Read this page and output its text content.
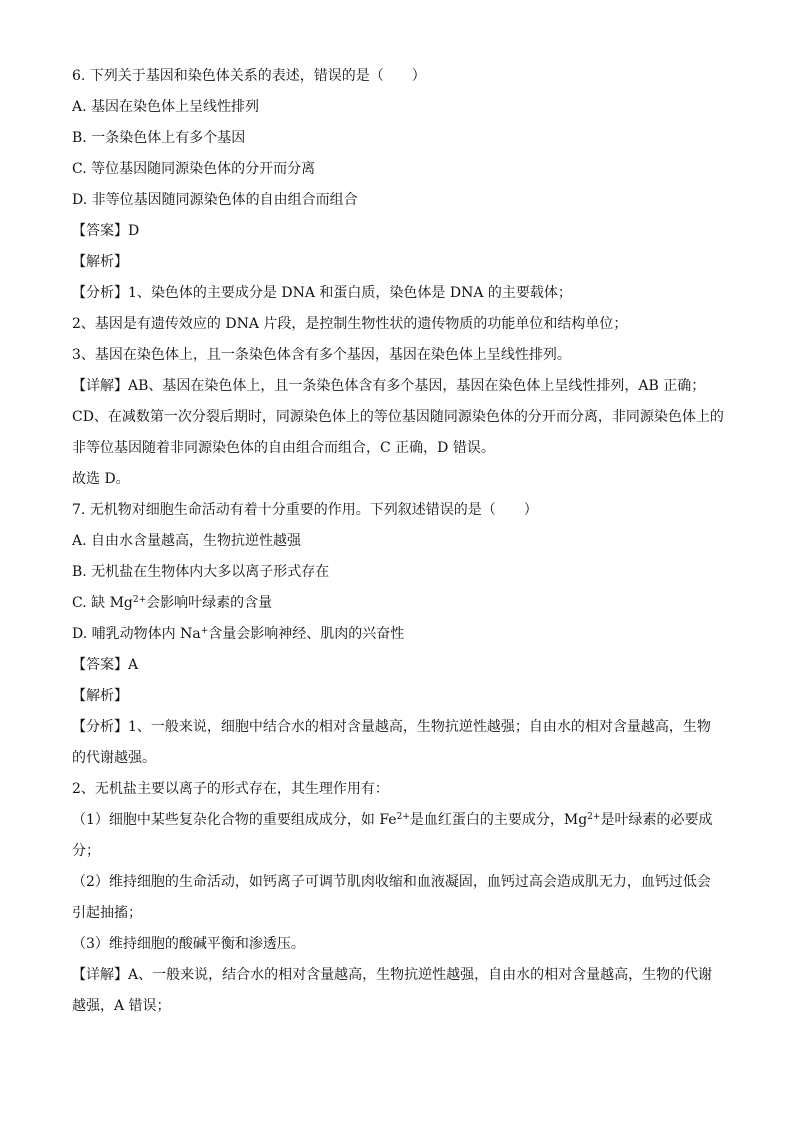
6. 下列关于基因和染色体关系的表述，错误的是（　　）
A. 基因在染色体上呈线性排列
B. 一条染色体上有多个基因
C. 等位基因随同源染色体的分开而分离
D. 非等位基因随同源染色体的自由组合而组合
【答案】D
【解析】
【分析】1、染色体的主要成分是 DNA 和蛋白质，染色体是 DNA 的主要载体；
2、基因是有遗传效应的 DNA 片段，是控制生物性状的遗传物质的功能单位和结构单位；
3、基因在染色体上，且一条染色体含有多个基因，基因在染色体上呈线性排列。
【详解】AB、基因在染色体上，且一条染色体含有多个基因，基因在染色体上呈线性排列，AB 正确；
CD、在减数第一次分裂后期时，同源染色体上的等位基因随同源染色体的分开而分离，非同源染色体上的
非等位基因随着非同源染色体的自由组合而组合，C 正确，D 错误。
故选 D。
7. 无机物对细胞生命活动有着十分重要的作用。下列叙述错误的是（　　）
A. 自由水含量越高，生物抗逆性越强
B. 无机盐在生物体内大多以离子形式存在
C. 缺 $Mg^{2+}$会影响叶绿素的含量
D. 哺乳动物体内 Na+含量会影响神经、肌肉的兴奋性
【答案】A
【解析】
【分析】1、一般来说，细胞中结合水的相对含量越高，生物抗逆性越强；自由水的相对含量越高，生物
的代谢越强。
2、无机盐主要以离子的形式存在，其生理作用有：
（1）细胞中某些复杂化合物的重要组成成分，如 $Fe^{2+}$是血红蛋白的主要成分，$Mg^{2+}$是叶绿素的必要成
分；
（2）维持细胞的生命活动，如钙离子可调节肌肉收缩和血液凝固，血钙过高会造成肌无力，血钙过低会
引起抽搐；
（3）维持细胞的酸碱平衡和渗透压。
【详解】A、一般来说，结合水的相对含量越高，生物抗逆性越强，自由水的相对含量越高，生物的代谢
越强，A 错误；
